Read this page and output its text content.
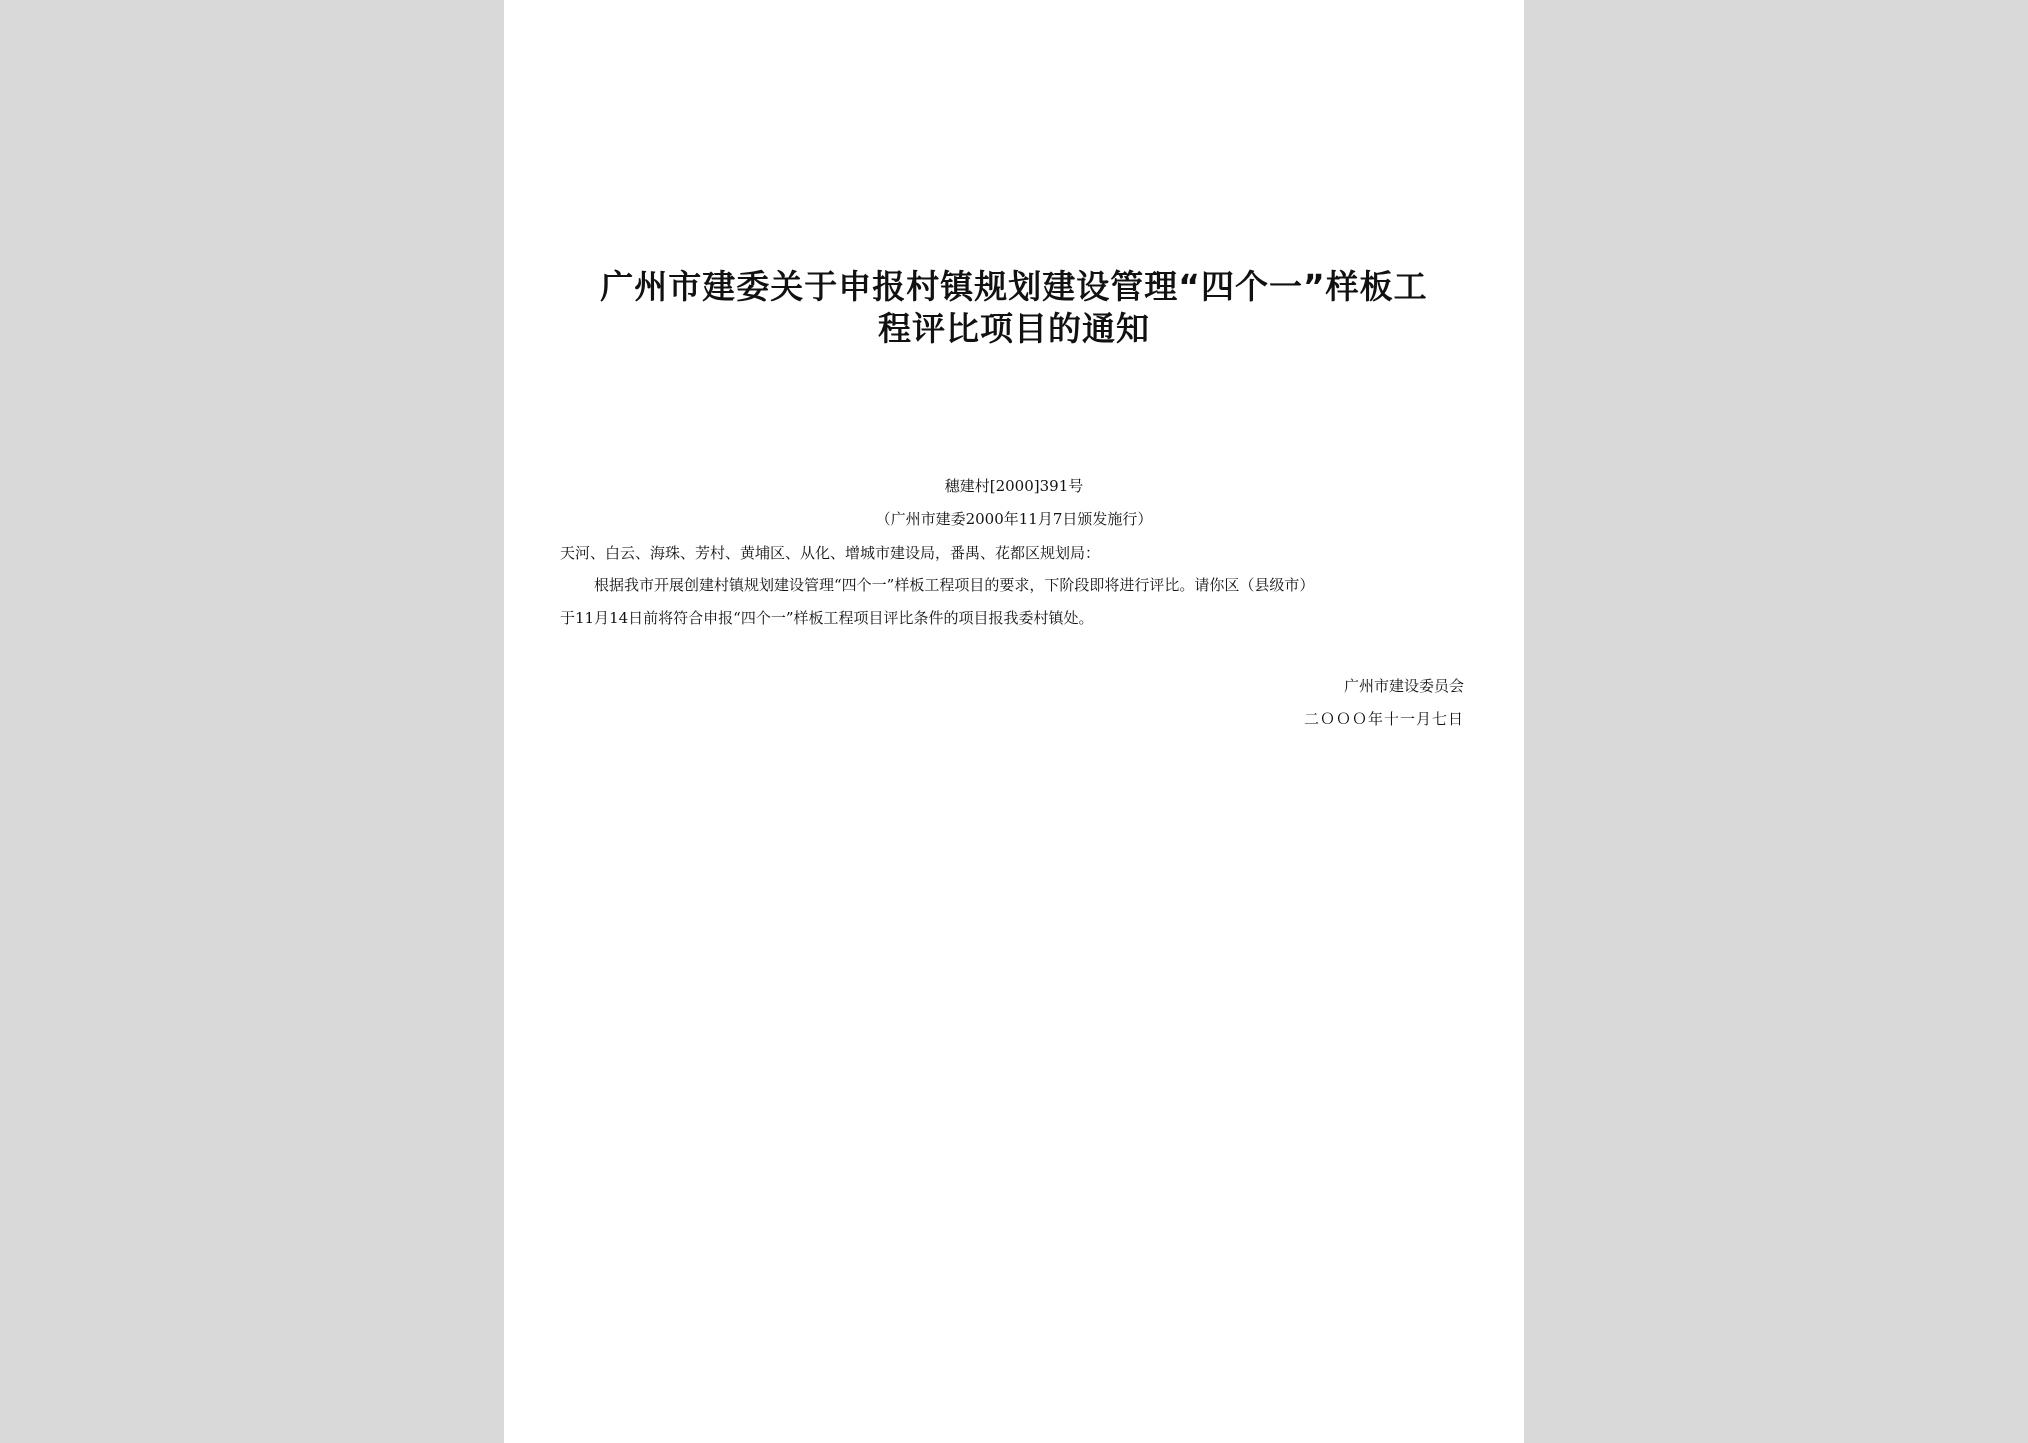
广州市建委关于申报村镇规划建设管理“四个一”样板工
程评比项目的通知
穗建村[2000]391号
（广州市建委2000年11月7日颁发施行）
天河、白云、海珠、芳村、黄埔区、从化、增城市建设局，番禺、花都区规划局：
根据我市开展创建村镇规划建设管理“四个一”样板工程项目的要求，下阶段即将进行评比。请你区（县级市）
于11月14日前将符合申报“四个一”样板工程项目评比条件的项目报我委村镇处。
广州市建设委员会
二ＯＯＯ年十一月七日
